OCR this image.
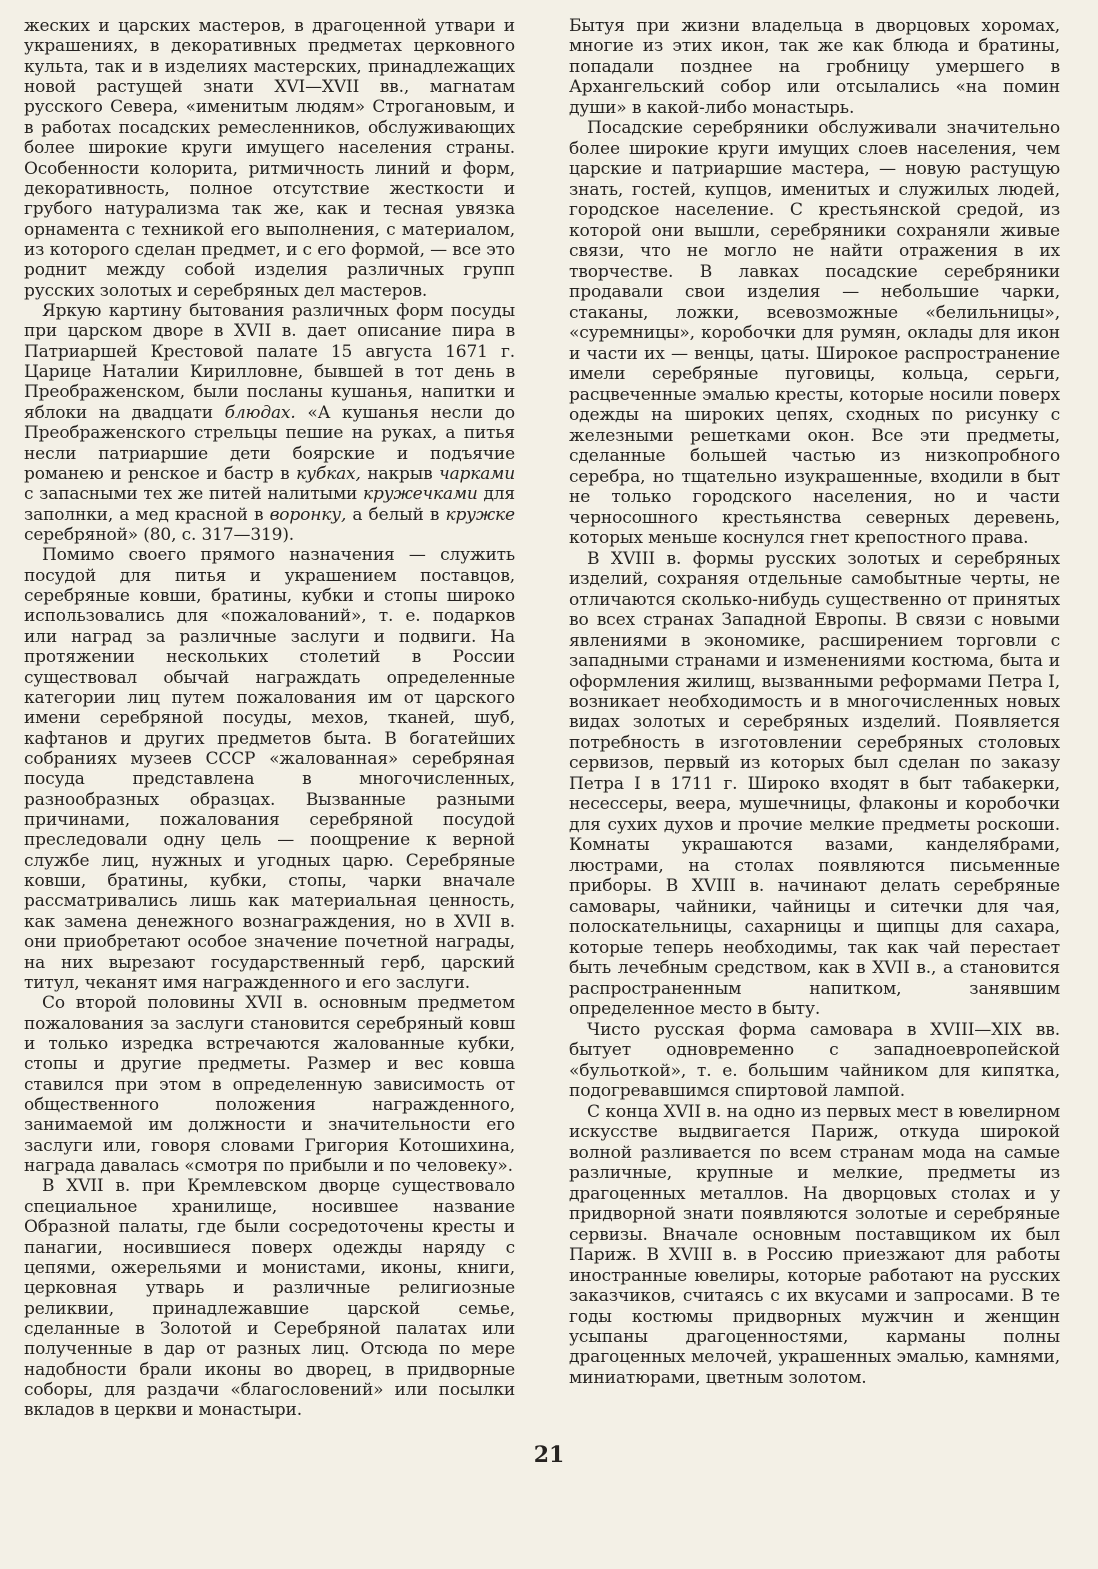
жеских и царских мастеров, в драгоценной утвари и украшениях, в декоративных предметах церковного культа, так и в изделиях мастерских, принадлежащих новой растущей знати XVI—XVII вв., магнатам русского Севера, «именитым людям» Строгановым, и в работах посадских ремесленников, обслуживающих более широкие круги имущего населения страны. Особенности колорита, ритмичность линий и форм, декоративность, полное отсутствие жесткости и грубого натурализма так же, как и тесная увязка орнамента с техникой его выполнения, с материалом, из которого сделан предмет, и с его формой, — все это роднит между собой изделия различных групп русских золотых и серебряных дел мастеров.

Яркую картину бытования различных форм посуды при царском дворе в XVII в. дает описание пира в Патриаршей Крестовой палате 15 августа 1671 г. Царице Наталии Кирилловне, бывшей в тот день в Преображенском, были посланы кушанья, напитки и яблоки на двадцати блюдах. «А кушанья несли до Преображенского стрельцы пешие на руках, а питья несли патриаршие дети боярские и подъячие романею и ренское и бастр в кубках, накрыв чарками с запасными тех же питей налитыми кружечками для заполнки, а мед красной в воронку, а белый в кружке серебряной» (80, с. 317—319).

Помимо своего прямого назначения — служить посудой для питья и украшением поставцов, серебряные ковши, братины, кубки и стопы широко использовались для «пожалований», т. е. подарков или наград за различные заслуги и подвиги. На протяжении нескольких столетий в России существовал обычай награждать определенные категории лиц путем пожалования им от царского имени серебряной посуды, мехов, тканей, шуб, кафтанов и других предметов быта. В богатейших собраниях музеев СССР «жалованная» серебряная посуда представлена в многочисленных, разнообразных образцах. Вызванные разными причинами, пожалования серебряной посудой преследовали одну цель — поощрение к верной службе лиц, нужных и угодных царю. Серебряные ковши, братины, кубки, стопы, чарки вначале рассматривались лишь как материальная ценность, как замена денежного вознаграждения, но в XVII в. они приобретают особое значение почетной награды, на них вырезают государственный герб, царский титул, чеканят имя награжденного и его заслуги.

Со второй половины XVII в. основным предметом пожалования за заслуги становится серебряный ковш и только изредка встречаются жалованные кубки, стопы и другие предметы. Размер и вес ковша ставился при этом в определенную зависимость от общественного положения награжденного, занимаемой им должности и значительности его заслуги или, говоря словами Григория Котошихина, награда давалась «смотря по прибыли и по человеку».

В XVII в. при Кремлевском дворце существовало специальное хранилище, носившее название Образной палаты, где были сосредоточены кресты и панагии, носившиеся поверх одежды наряду с цепями, ожерельями и монистами, иконы, книги, церковная утварь и различные религиозные реликвии, принадлежавшие царской семье, сделанные в Золотой и Серебряной палатах или полученные в дар от разных лиц. Отсюда по мере надобности брали иконы во дворец, в придворные соборы, для раздачи «благословений» или посылки вкладов в церкви и монастыри.

Бытуя при жизни владельца в дворцовых хоромах, многие из этих икон, так же как блюда и братины, попадали позднее на гробницу умершего в Архангельский собор или отсылались «на помин души» в какой-либо монастырь.

Посадские серебряники обслуживали значительно более широкие круги имущих слоев населения, чем царские и патриаршие мастера, — новую растущую знать, гостей, купцов, именитых и служилых людей, городское население. С крестьянской средой, из которой они вышли, серебряники сохраняли живые связи, что не могло не найти отражения в их творчестве. В лавках посадские серебряники продавали свои изделия — небольшие чарки, стаканы, ложки, всевозможные «белильницы», «суремницы», коробочки для румян, оклады для икон и части их — венцы, цаты. Широкое распространение имели серебряные пуговицы, кольца, серьги, расцвеченные эмалью кресты, которые носили поверх одежды на широких цепях, сходных по рисунку с железными решетками окон. Все эти предметы, сделанные большей частью из низкопробного серебра, но тщательно изукрашенные, входили в быт не только городского населения, но и части черносошного крестьянства северных деревень, которых меньше коснулся гнет крепостного права.

В XVIII в. формы русских золотых и серебряных изделий, сохраняя отдельные самобытные черты, не отличаются сколько-нибудь существенно от принятых во всех странах Западной Европы. В связи с новыми явлениями в экономике, расширением торговли с западными странами и изменениями костюма, быта и оформления жилищ, вызванными реформами Петра I, возникает необходимость и в многочисленных новых видах золотых и серебряных изделий. Появляется потребность в изготовлении серебряных столовых сервизов, первый из которых был сделан по заказу Петра I в 1711 г. Широко входят в быт табакерки, несессеры, веера, мушечницы, флаконы и коробочки для сухих духов и прочие мелкие предметы роскоши. Комнаты украшаются вазами, канделябрами, люстрами, на столах появляются письменные приборы. В XVIII в. начинают делать серебряные самовары, чайники, чайницы и ситечки для чая, полоскательницы, сахарницы и щипцы для сахара, которые теперь необходимы, так как чай перестает быть лечебным средством, как в XVII в., а становится распространенным напитком, занявшим определенное место в быту.

Чисто русская форма самовара в XVIII—XIX вв. бытует одновременно с западноевропейской «бульоткой», т. е. большим чайником для кипятка, подогревавшимся спиртовой лампой.

С конца XVII в. на одно из первых мест в ювелирном искусстве выдвигается Париж, откуда широкой волной разливается по всем странам мода на самые различные, крупные и мелкие, предметы из драгоценных металлов. На дворцовых столах и у придворной знати появляются золотые и серебряные сервизы. Вначале основным поставщиком их был Париж. В XVIII в. в Россию приезжают для работы иностранные ювелиры, которые работают на русских заказчиков, считаясь с их вкусами и запросами. В те годы костюмы придворных мужчин и женщин усыпаны драгоценностями, карманы полны драгоценных мелочей, украшенных эмалью, камнями, миниатюрами, цветным золотом.

21
